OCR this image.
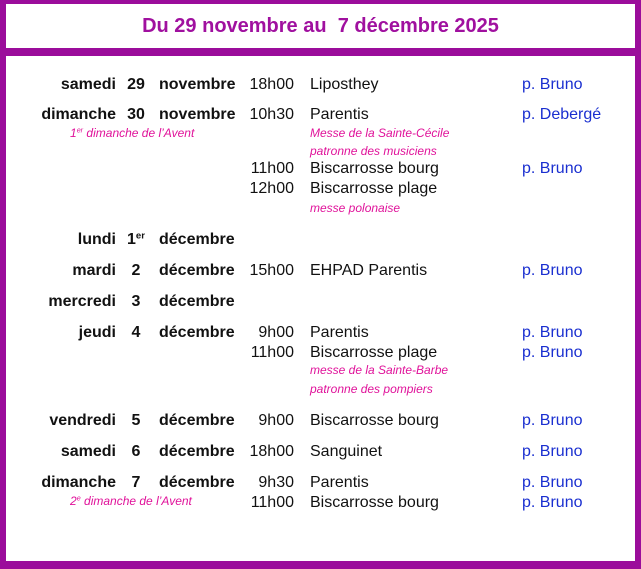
Du 29 novembre au  7 décembre 2025
samedi 29 novembre 18h00 Liposthey	p. Bruno
dimanche 30 novembre
1er dimanche de l’Avent
10h30 Parentis	p. Debergé
Messe de la Sainte-Cécile
patronne des musiciens
11h00 Biscarrosse bourg	p. Bruno
12h00 Biscarrosse plage
messe polonaise
lundi 1er décembre
mardi 2	décembre 15h00 EHPAD Parentis	p. Bruno
mercredi 3	décembre
jeudi 4	décembre	9h00 Parentis	p. Bruno
11h00 Biscarrosse plage	p. Bruno
messe de la Sainte-Barbe
patronne des pompiers
vendredi 5	décembre	9h00 Biscarrosse bourg	p. Bruno
samedi 6	décembre 18h00 Sanguinet	p. Bruno
dimanche 7	décembre
2e dimanche de l’Avent
9h30 Parentis	p. Bruno
11h00 Biscarrosse bourg	p. Bruno
